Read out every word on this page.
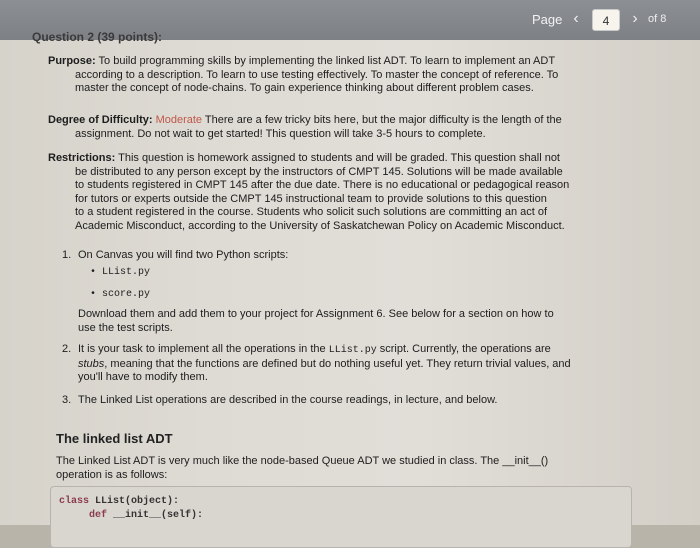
Page ‹	4	› of 8
Question 2 (39 points):
Purpose: To build programming skills by implementing the linked list ADT. To learn to implement an ADT
according to a description. To learn to use testing effectively. To master the concept of reference. To
master the concept of node-chains. To gain experience thinking about different problem cases.
Degree of Difficulty: Moderate There are a few tricky bits here, but the major difficulty is the length of the
assignment. Do not wait to get started! This question will take 3-5 hours to complete.
Restrictions: This question is homework assigned to students and will be graded. This question shall not
be distributed to any person except by the instructors of CMPT 145. Solutions will be made available
to students registered in CMPT 145 after the due date. There is no educational or pedagogical reason
for tutors or experts outside the CMPT 145 instructional team to provide solutions to this question
to a student registered in the course. Students who solicit such solutions are committing an act of
Academic Misconduct, according to the University of Saskatchewan Policy on Academic Misconduct.
1. On Canvas you will find two Python scripts:
• LList.py
• score.py
Download them and add them to your project for Assignment 6. See below for a section on how to
use the test scripts.
2. It is your task to implement all the operations in the LList.py script. Currently, the operations are
stubs, meaning that the functions are defined but do nothing useful yet. They return trivial values, and
you'll have to modify them.
3. The Linked List operations are described in the course readings, in lecture, and below.
The linked list ADT
The Linked List ADT is very much like the node-based Queue ADT we studied in class. The __init__()
operation is as follows:
class LList(object):
def __init__(self):
